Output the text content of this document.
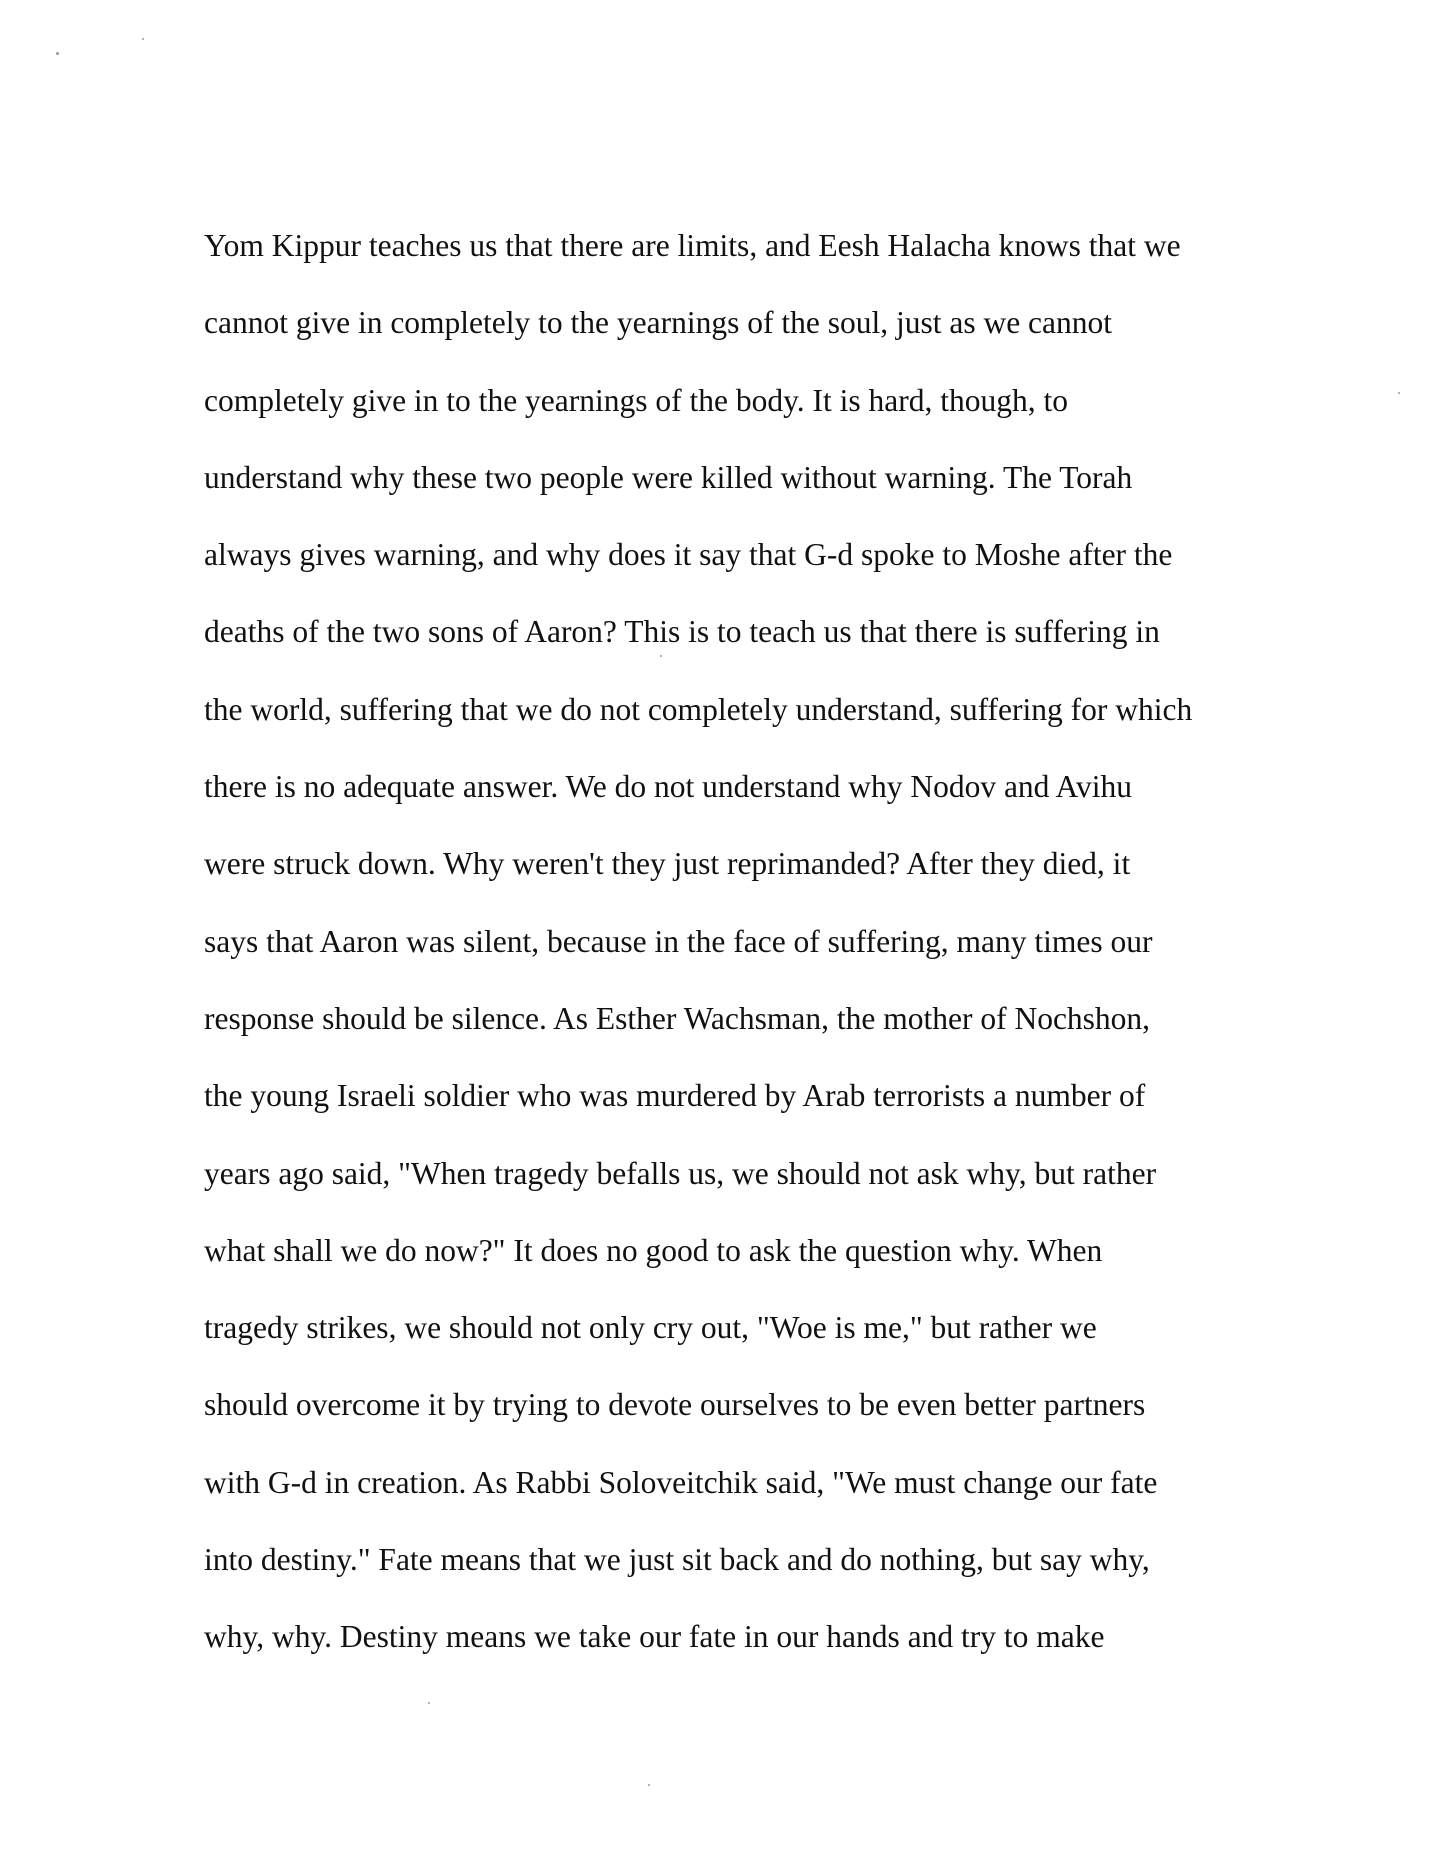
Yom Kippur teaches us that there are limits, and Eesh Halacha knows that we
cannot give in completely to the yearnings of the soul, just as we cannot
completely give in to the yearnings of the body. It is hard, though, to
understand why these two people were killed without warning. The Torah
always gives warning, and why does it say that G-d spoke to Moshe after the
deaths of the two sons of Aaron? This is to teach us that there is suffering in
the world, suffering that we do not completely understand, suffering for which
there is no adequate answer. We do not understand why Nodov and Avihu
were struck down. Why weren't they just reprimanded? After they died, it
says that Aaron was silent, because in the face of suffering, many times our
response should be silence. As Esther Wachsman, the mother of Nochshon,
the young Israeli soldier who was murdered by Arab terrorists a number of
years ago said, "When tragedy befalls us, we should not ask why, but rather
what shall we do now?" It does no good to ask the question why. When
tragedy strikes, we should not only cry out, "Woe is me," but rather we
should overcome it by trying to devote ourselves to be even better partners
with G-d in creation. As Rabbi Soloveitchik said, "We must change our fate
into destiny." Fate means that we just sit back and do nothing, but say why,
why, why. Destiny means we take our fate in our hands and try to make
